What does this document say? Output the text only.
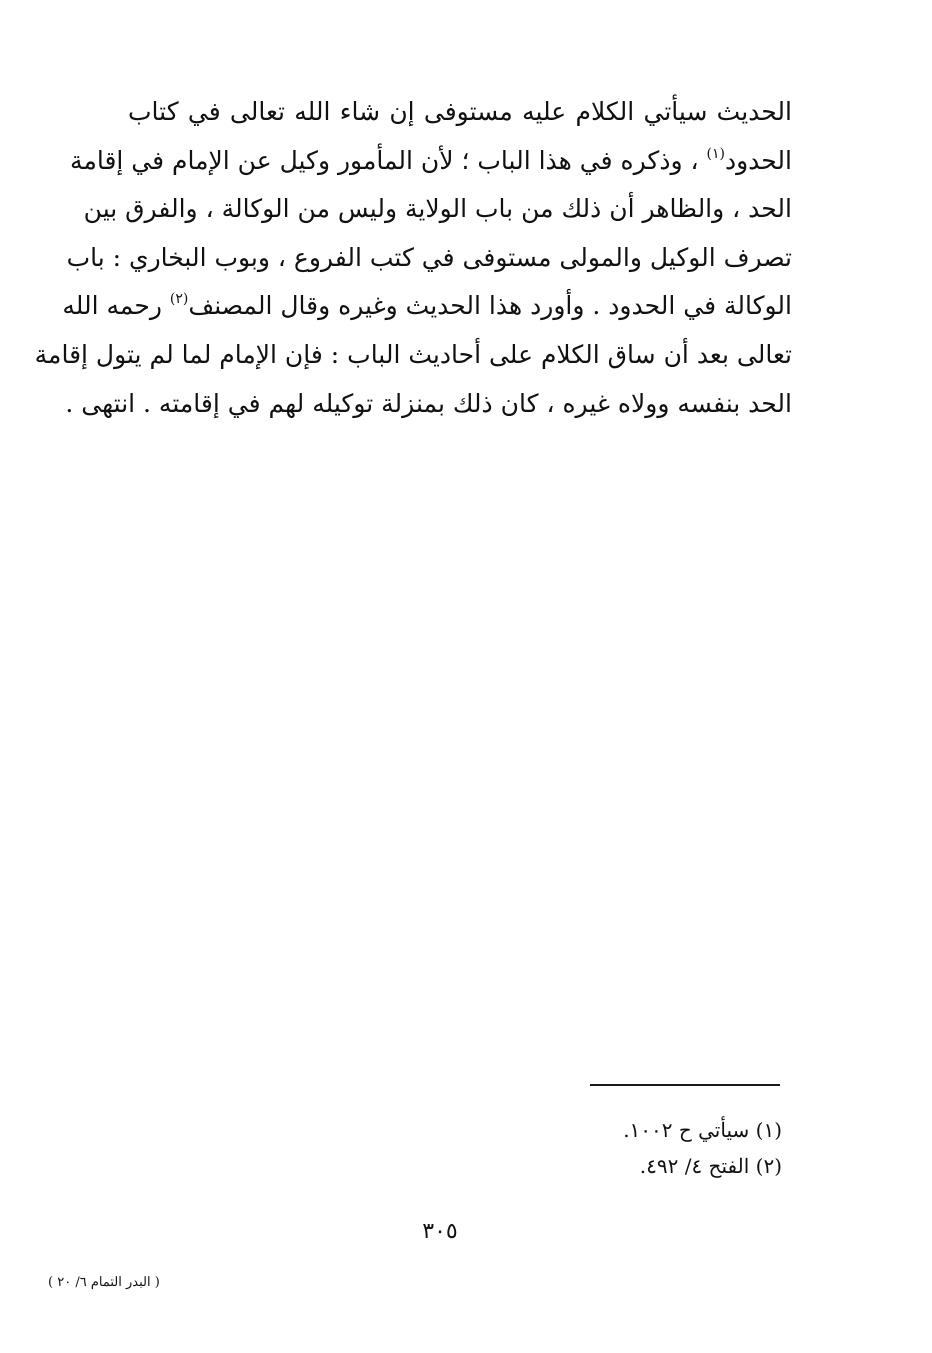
الحديث سيأتي الكلام عليه مستوفى إن شاء الله تعالى في كتاب
الحدود$^{(١)}$ ، وذكره في هذا الباب ؛ لأن المأمور وكيل عن الإمام في إقامة
الحد ، والظاهر أن ذلك من باب الولاية وليس من الوكالة ، والفرق بين
تصرف الوكيل والمولى مستوفى في كتب الفروع ، وبوب البخاري : باب
الوكالة في الحدود . وأورد هذا الحديث وغيره وقال المصنف$^{(٢)}$ رحمه الله
تعالى بعد أن ساق الكلام على أحاديث الباب : فإن الإمام لما لم يتول إقامة
الحد بنفسه وولاه غيره ، كان ذلك بمنزلة توكيله لهم في إقامته . انتهى .
(١) سيأتي ح ١٠٠٢.
(٢) الفتح ٤/ ٤٩٢.
٣٠٥
( البدر التمام ٦/ ٢٠ )
